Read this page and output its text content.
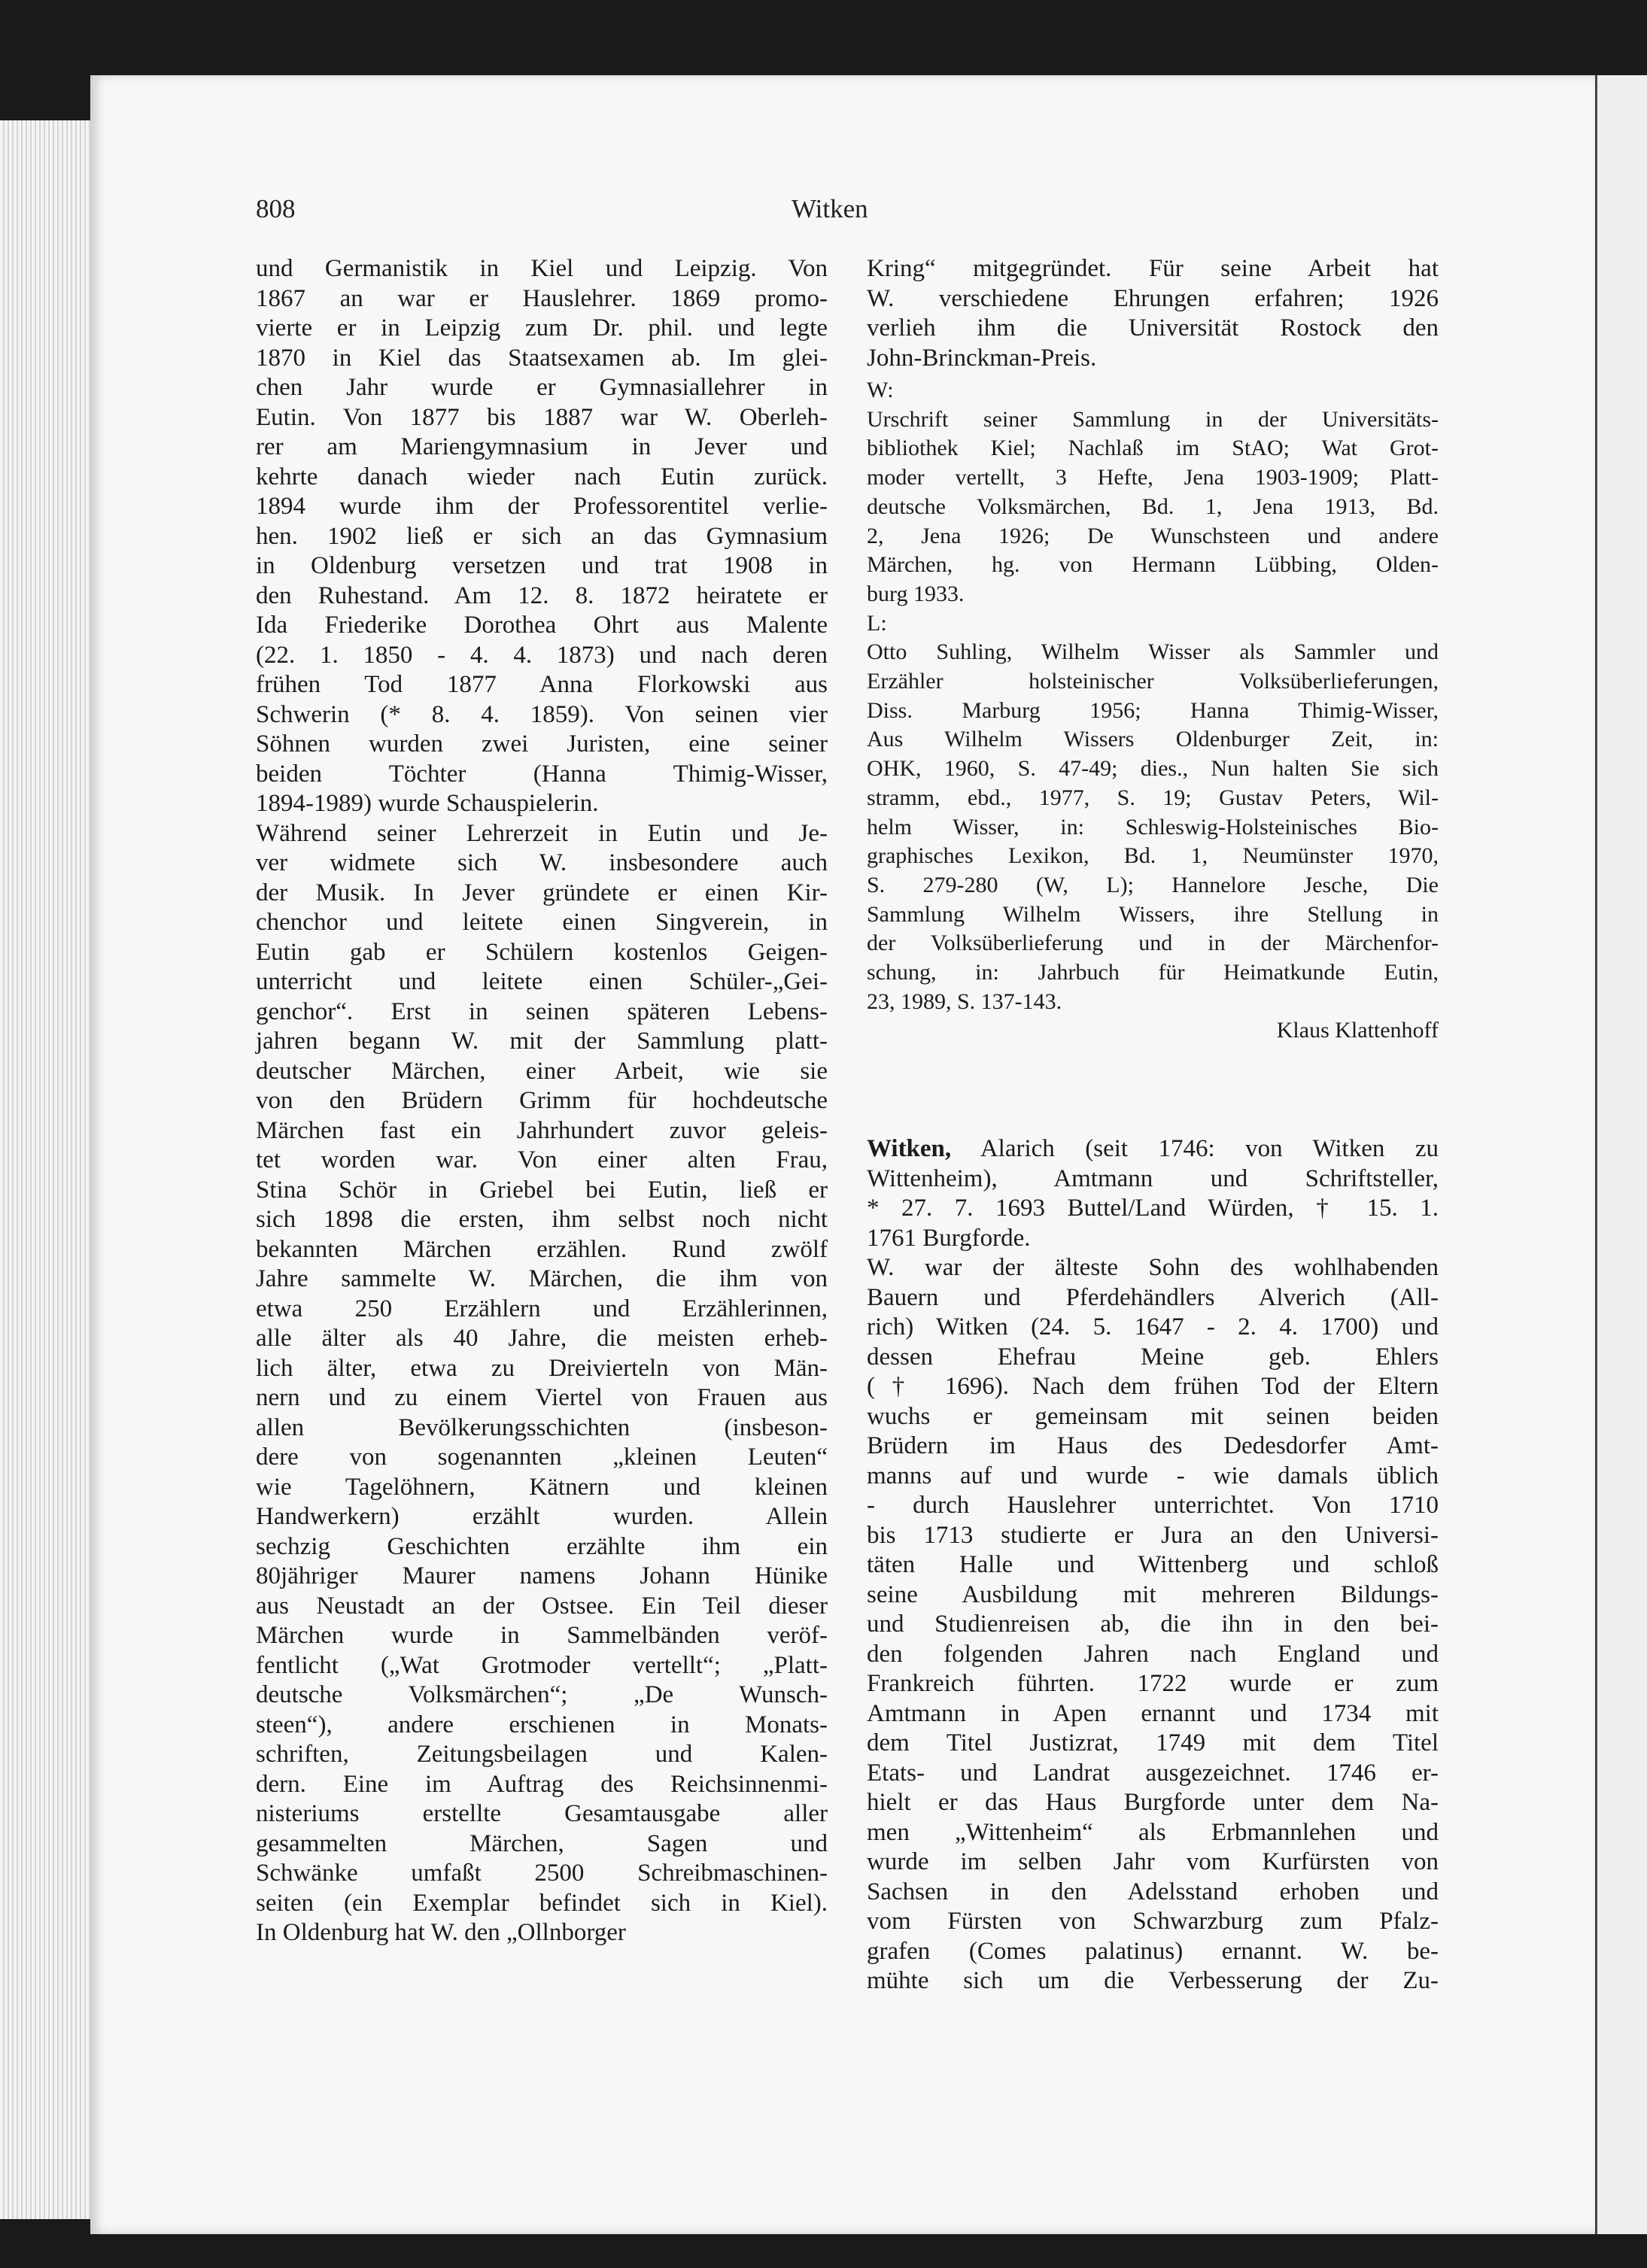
808	Witken
und Germanistik in Kiel und Leipzig. Von
1867 an war er Hauslehrer. 1869 promo-
vierte er in Leipzig zum Dr. phil. und legte
1870 in Kiel das Staatsexamen ab. Im glei-
chen Jahr wurde er Gymnasiallehrer in
Eutin. Von 1877 bis 1887 war W. Oberleh-
rer am Mariengymnasium in Jever und
kehrte danach wieder nach Eutin zurück.
1894 wurde ihm der Professorentitel verlie-
hen. 1902 ließ er sich an das Gymnasium
in Oldenburg versetzen und trat 1908 in
den Ruhestand. Am 12. 8. 1872 heiratete er
Ida Friederike Dorothea Ohrt aus Malente
(22. 1. 1850 - 4. 4. 1873) und nach deren
frühen Tod 1877 Anna Florkowski aus
Schwerin (* 8. 4. 1859). Von seinen vier
Söhnen wurden zwei Juristen, eine seiner
beiden Töchter (Hanna Thimig-Wisser,
1894-1989) wurde Schauspielerin.
Während seiner Lehrerzeit in Eutin und Je-
ver widmete sich W. insbesondere auch
der Musik. In Jever gründete er einen Kir-
chenchor und leitete einen Singverein, in
Eutin gab er Schülern kostenlos Geigen-
unterricht und leitete einen Schüler-„Gei-
genchor“. Erst in seinen späteren Lebens-
jahren begann W. mit der Sammlung platt-
deutscher Märchen, einer Arbeit, wie sie
von den Brüdern Grimm für hochdeutsche
Märchen fast ein Jahrhundert zuvor geleis-
tet worden war. Von einer alten Frau,
Stina Schör in Griebel bei Eutin, ließ er
sich 1898 die ersten, ihm selbst noch nicht
bekannten Märchen erzählen. Rund zwölf
Jahre sammelte W. Märchen, die ihm von
etwa 250 Erzählern und Erzählerinnen,
alle älter als 40 Jahre, die meisten erheb-
lich älter, etwa zu Dreivierteln von Män-
nern und zu einem Viertel von Frauen aus
allen Bevölkerungsschichten (insbeson-
dere von sogenannten „kleinen Leuten“
wie Tagelöhnern, Kätnern und kleinen
Handwerkern) erzählt wurden. Allein
sechzig Geschichten erzählte ihm ein
80jähriger Maurer namens Johann Hünike
aus Neustadt an der Ostsee. Ein Teil dieser
Märchen wurde in Sammelbänden veröf-
fentlicht („Wat Grotmoder vertellt“; „Platt-
deutsche Volksmärchen“; „De Wunsch-
steen“), andere erschienen in Monats-
schriften, Zeitungsbeilagen und Kalen-
dern. Eine im Auftrag des Reichsinnenmi-
nisteriums erstellte Gesamtausgabe aller
gesammelten Märchen, Sagen und
Schwänke umfaßt 2500 Schreibmaschinen-
seiten (ein Exemplar befindet sich in Kiel).
In Oldenburg hat W. den „Ollnborger
Kring“ mitgegründet. Für seine Arbeit hat
W. verschiedene Ehrungen erfahren; 1926
verlieh ihm die Universität Rostock den
John-Brinckman-Preis.
W:
Urschrift seiner Sammlung in der Universitäts-
bibliothek Kiel; Nachlaß im StAO; Wat Grot-
moder vertellt, 3 Hefte, Jena 1903-1909; Platt-
deutsche Volksmärchen, Bd. 1, Jena 1913, Bd.
2, Jena 1926; De Wunschsteen und andere
Märchen, hg. von Hermann Lübbing, Olden-
burg 1933.
L:
Otto Suhling, Wilhelm Wisser als Sammler und
Erzähler holsteinischer Volksüberlieferungen,
Diss. Marburg 1956; Hanna Thimig-Wisser,
Aus Wilhelm Wissers Oldenburger Zeit, in:
OHK, 1960, S. 47-49; dies., Nun halten Sie sich
stramm, ebd., 1977, S. 19; Gustav Peters, Wil-
helm Wisser, in: Schleswig-Holsteinisches Bio-
graphisches Lexikon, Bd. 1, Neumünster 1970,
S. 279-280 (W, L); Hannelore Jesche, Die
Sammlung Wilhelm Wissers, ihre Stellung in
der Volksüberlieferung und in der Märchenfor-
schung, in: Jahrbuch für Heimatkunde Eutin,
23, 1989, S. 137-143.
Klaus Klattenhoff
Witken, Alarich (seit 1746: von Witken zu
Wittenheim), Amtmann und Schriftsteller,
* 27. 7. 1693 Buttel/Land Würden, † 15. 1.
1761 Burgforde.
W. war der älteste Sohn des wohlhabenden
Bauern und Pferdehändlers Alverich (All-
rich) Witken (24. 5. 1647 - 2. 4. 1700) und
dessen Ehefrau Meine geb. Ehlers
(† 1696). Nach dem frühen Tod der Eltern
wuchs er gemeinsam mit seinen beiden
Brüdern im Haus des Dedesdorfer Amt-
manns auf und wurde - wie damals üblich
- durch Hauslehrer unterrichtet. Von 1710
bis 1713 studierte er Jura an den Universi-
täten Halle und Wittenberg und schloß
seine Ausbildung mit mehreren Bildungs-
und Studienreisen ab, die ihn in den bei-
den folgenden Jahren nach England und
Frankreich führten. 1722 wurde er zum
Amtmann in Apen ernannt und 1734 mit
dem Titel Justizrat, 1749 mit dem Titel
Etats- und Landrat ausgezeichnet. 1746 er-
hielt er das Haus Burgforde unter dem Na-
men „Wittenheim“ als Erbmannlehen und
wurde im selben Jahr vom Kurfürsten von
Sachsen in den Adelsstand erhoben und
vom Fürsten von Schwarzburg zum Pfalz-
grafen (Comes palatinus) ernannt. W. be-
mühte sich um die Verbesserung der Zu-
